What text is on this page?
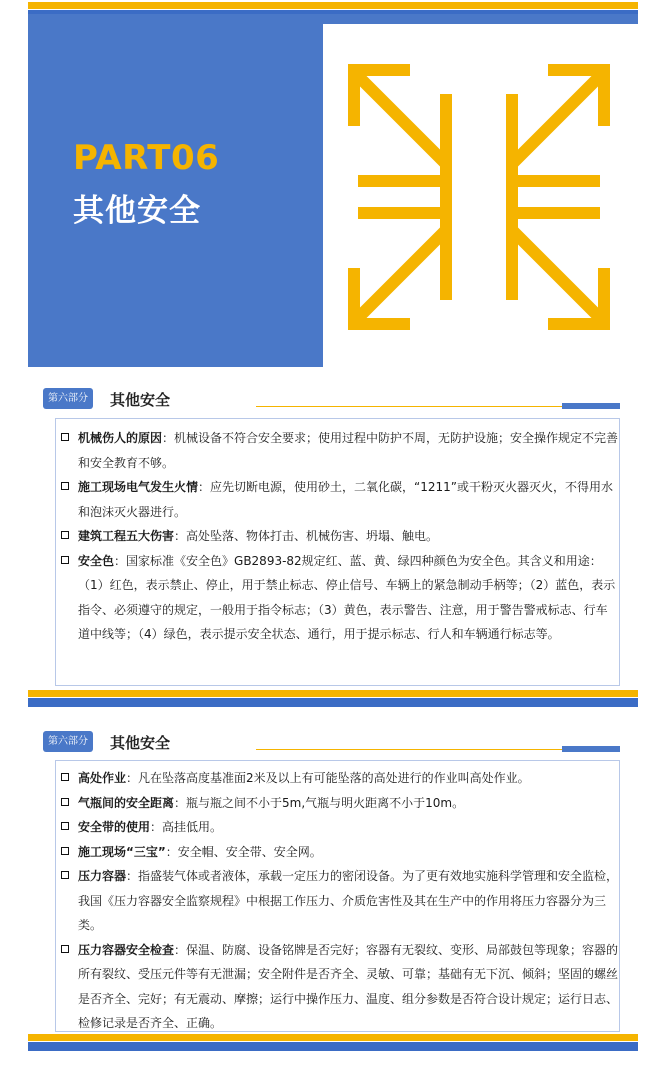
PART06
其他安全
第六部分	其他安全
机械伤人的原因：机械设备不符合安全要求；使用过程中防护不周，无防护设施；安全操作规定不完善和安全教育不够。
施工现场电气发生火情：应先切断电源，使用砂土，二氧化碳，“1211”或干粉灭火器灭火，不得用水和泡沫灭火器进行。
建筑工程五大伤害：高处坠落、物体打击、机械伤害、坍塌、触电。
安全色：国家标准《安全色》GB2893-82规定红、蓝、黄、绿四种颜色为安全色。其含义和用途：（1）红色，表示禁止、停止，用于禁止标志、停止信号、车辆上的紧急制动手柄等；（2）蓝色，表示指令、必须遵守的规定，一般用于指令标志；（3）黄色，表示警告、注意，用于警告警戒标志、行车道中线等；（4）绿色，表示提示安全状态、通行，用于提示标志、行人和车辆通行标志等。
第六部分	其他安全
高处作业：凡在坠落高度基准面2米及以上有可能坠落的高处进行的作业叫高处作业。
气瓶间的安全距离：瓶与瓶之间不小于5m,气瓶与明火距离不小于10m。
安全带的使用：高挂低用。
施工现场“三宝”：安全帽、安全带、安全网。
压力容器：指盛装气体或者液体，承载一定压力的密闭设备。为了更有效地实施科学管理和安全监检，我国《压力容器安全监察规程》中根据工作压力、介质危害性及其在生产中的作用将压力容器分为三类。
压力容器安全检查：保温、防腐、设备铭牌是否完好；容器有无裂纹、变形、局部鼓包等现象；容器的所有裂纹、受压元件等有无泄漏；安全附件是否齐全、灵敏、可靠；基础有无下沉、倾斜；坚固的螺丝是否齐全、完好；有无震动、摩擦；运行中操作压力、温度、组分参数是否符合设计规定；运行日志、检修记录是否齐全、正确。
